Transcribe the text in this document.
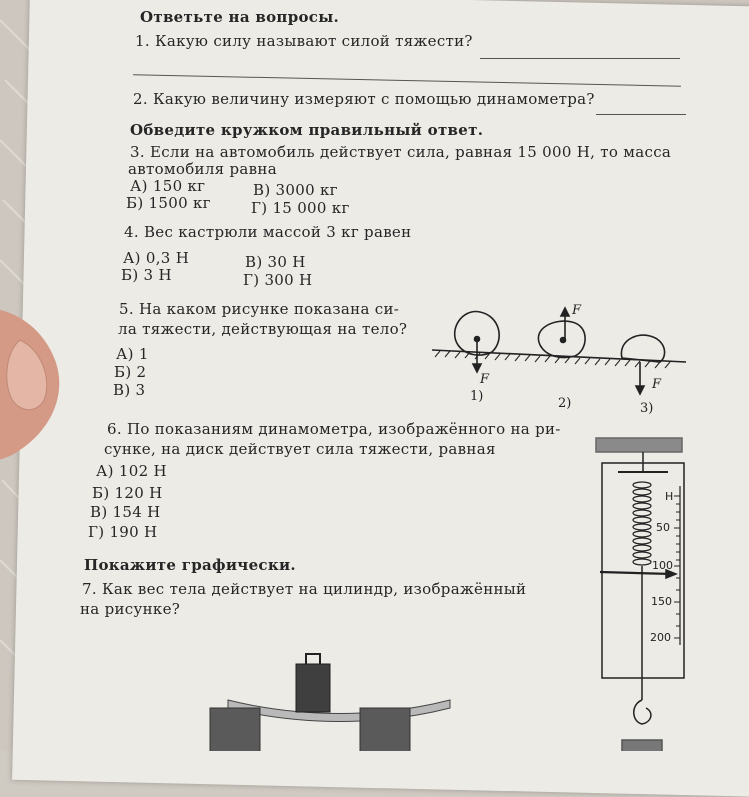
Ответьте на вопросы.
1. Какую силу называют силой тяжести?
2. Какую величину измеряют с помощью динамометра?
Обведите кружком правильный ответ.
3. Если на автомобиль действует сила, равная 15 000 Н, то масса
автомобиля равна
А) 150 кг	В) 3000 кг
Б) 1500 кг	Г) 15 000 кг
4. Вес кастрюли массой 3 кг равен
А) 0,3 Н	В) 30 Н
Б) 3 Н	Г) 300 Н
5. На каком рисунке показана си-
ла тяжести, действующая на тело?
А) 1
Б) 2
В) 3
6. По показаниям динамометра, изображённого на ри-
сунке, на диск действует сила тяжести, равная
А) 102 Н
Б) 120 Н
В) 154 Н
Г) 190 Н
Покажите графически.
7. Как вес тела действует на цилиндр, изображённый
на рисунке?
F
F
F
1)	2)	3)
Н
50
100
150
200
